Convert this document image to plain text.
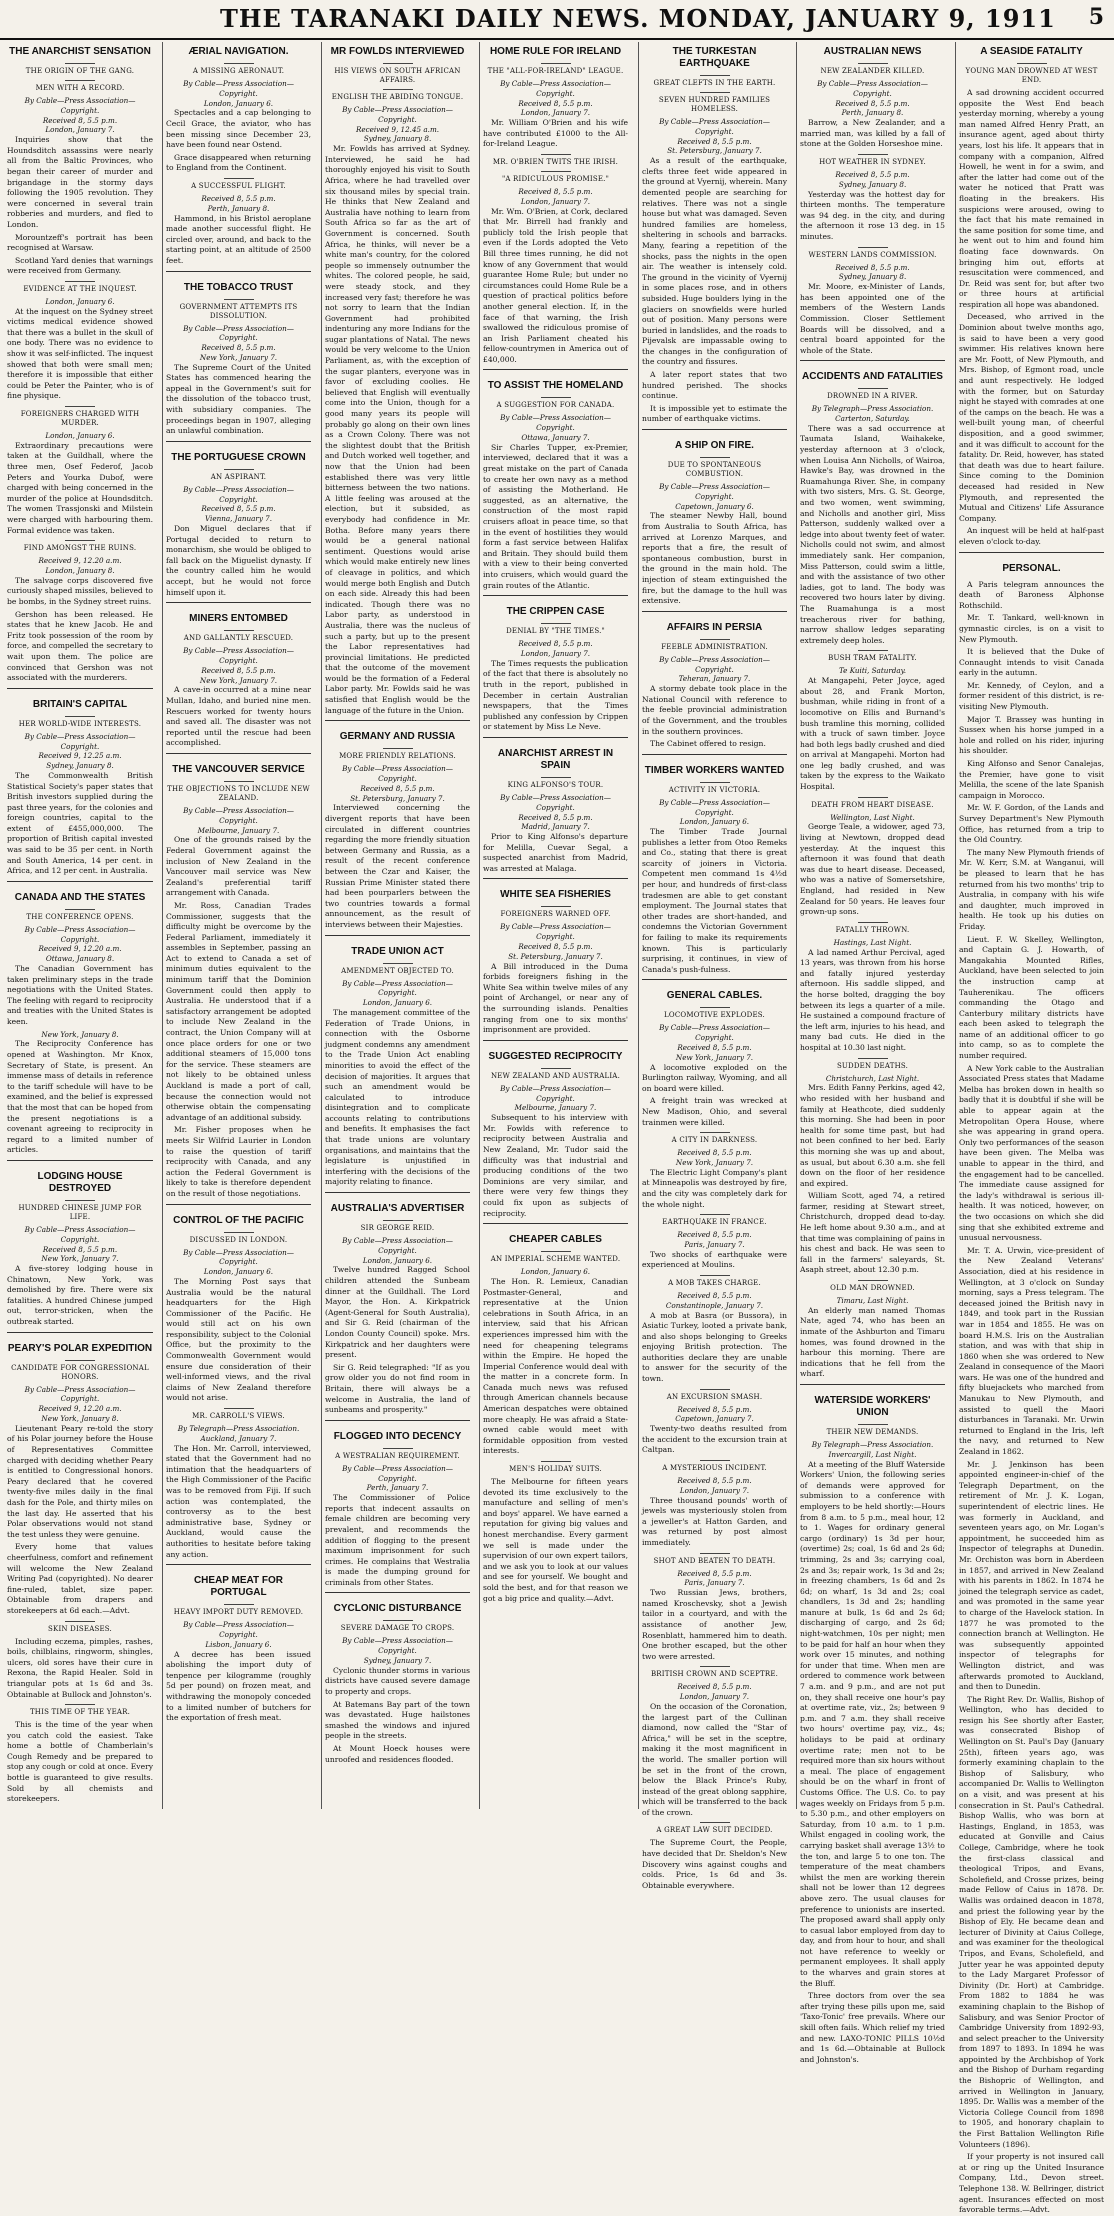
THE TARANAKI DAILY NEWS. MONDAY, JANUARY 9, 1911	5
THE ANARCHIST SENSATION
THE ORIGIN OF THE GANG.
MEN WITH A RECORD.
By Cable—Press Association—Copyright.
Received 8, 5.5 p.m.
London, January 7.

Inquiries show that the Houndsditch assassins were nearly all from the Baltic Provinces, who began their career of murder and brigandage in the stormy days following the 1905 revolution. They were concerned in several train robberies and murders, and fled to London.

Morountzeff's portrait has been recognised at Warsaw.

Scotland Yard denies that warnings were received from Germany.

EVIDENCE AT THE INQUEST.
London, January 6.

At the inquest on the Sydney street victims medical evidence showed that there was a bullet in the skull of one body. There was no evidence to show it was self-inflicted. The inquest showed that both were small men; therefore it is impossible that either could be Peter the Painter, who is of fine physique.

FOREIGNERS CHARGED WITH MURDER.
London, January 6.

Extraordinary precautions were taken at the Guildhall, where the three men, Osef Federof, Jacob Peters and Yourka Dubof, were charged with being concerned in the murder of the police at Houndsditch. The women Trassjonski and Milstein were charged with harbouring them. Formal evidence was taken.

FIND AMONGST THE RUINS.
Received 9, 12.20 a.m.
London, January 8.

The salvage corps discovered five curiously shaped missiles, believed to be bombs, in the Sydney street ruins.

Gershon has been released. He states that he knew Jacob. He and Fritz took possession of the room by force, and compelled the secretary to wait upon them. The police are convinced that Gershon was not associated with the murderers.

BRITAIN'S CAPITAL
HER WORLD-WIDE INTERESTS.
By Cable—Press Association—Copyright.
Received 9, 12.25 a.m.
Sydney, January 8.

The Commonwealth British Statistical Society's paper states that British investors supplied during the past three years, for the colonies and foreign countries, capital to the extent of £455,000,000. The proportion of British capital invested was said to be 35 per cent. in North and South America, 14 per cent. in Africa, and 12 per cent. in Australia.

CANADA AND THE STATES
THE CONFERENCE OPENS.
By Cable—Press Association—Copyright.
Received 9, 12.20 a.m.
Ottawa, January 8.

The Canadian Government has taken preliminary steps in the trade negotiations with the United States. The feeling with regard to reciprocity and treaties with the United States is keen.

New York, January 8.

The Reciprocity Conference has opened at Washington. Mr Knox, Secretary of State, is present. An immense mass of details in reference to the tariff schedule will have to be examined, and the belief is expressed that the most that can be hoped from the present negotiations is a covenant agreeing to reciprocity in regard to a limited number of articles.

LODGING HOUSE DESTROYED
HUNDRED CHINESE JUMP FOR LIFE.
By Cable—Press Association—Copyright.
Received 8, 5.5 p.m.
New York, January 7.

A five-storey lodging house in Chinatown, New York, was demolished by fire. There were six fatalities. A hundred Chinese jumped out, terror-stricken, when the outbreak started.

PEARY'S POLAR EXPEDITION
CANDIDATE FOR CONGRESSIONAL HONORS.
By Cable—Press Association—Copyright.
Received 9, 12.20 a.m.
New York, January 8.

Lieutenant Peary re-told the story of his Polar journey before the House of Representatives Committee charged with deciding whether Peary is entitled to Congressional honors. Peary declared that he covered twenty-five miles daily in the final dash for the Pole, and thirty miles on the last day. He asserted that his Polar observations would not stand the test unless they were genuine.

Every home that values cheerfulness, comfort and refinement will welcome the New Zealand Writing Pad (copyrighted). No dearer fine-ruled, tablet, size paper. Obtainable from drapers and storekeepers at 6d each.—Advt.

SKIN DISEASES.

Including eczema, pimples, rashes, boils, chilblains, ringworm, shingles, ulcers, old sores have their cure in Rexona, the Rapid Healer. Sold in triangular pots at 1s 6d and 3s. Obtainable at Bullock and Johnston's.

THIS TIME OF THE YEAR.

This is the time of the year when you catch cold the easiest. Take home a bottle of Chamberlain's Cough Remedy and be prepared to stop any cough or cold at once. Every bottle is guaranteed to give results. Sold by all chemists and storekeepers.

ÆRIAL NAVIGATION.
A MISSING AERONAUT.
By Cable—Press Association—Copyright.
London, January 6.

Spectacles and a cap belonging to Cecil Grace, the aviator, who has been missing since December 23, have been found near Ostend.

Grace disappeared when returning to England from the Continent.

A SUCCESSFUL FLIGHT.
Received 8, 5.5 p.m.
Perth, January 8.

Hammond, in his Bristol aeroplane made another successful flight. He circled over, around, and back to the starting point, at an altitude of 2500 feet.

THE TOBACCO TRUST
GOVERNMENT ATTEMPTS ITS DISSOLUTION.
By Cable—Press Association—Copyright.
Received 8, 5.5 p.m.
New York, January 7.

The Supreme Court of the United States has commenced hearing the appeal in the Government's suit for the dissolution of the tobacco trust, with subsidiary companies. The proceedings began in 1907, alleging an unlawful combination.

THE PORTUGUESE CROWN
AN ASPIRANT.
By Cable—Press Association—Copyright.
Received 8, 5.5 p.m.
Vienna, January 7.

Don Miguel declares that if Portugal decided to return to monarchism, she would be obliged to fall back on the Miguelist dynasty. If the country called him he would accept, but he would not force himself upon it.

MINERS ENTOMBED
AND GALLANTLY RESCUED.
By Cable—Press Association—Copyright.
Received 8, 5.5 p.m.
New York, January 7.

A cave-in occurred at a mine near Mullan, Idaho, and buried nine men. Rescuers worked for twenty hours and saved all. The disaster was not reported until the rescue had been accomplished.

THE VANCOUVER SERVICE
THE OBJECTIONS TO INCLUDE NEW ZEALAND.
By Cable—Press Association—Copyright.
Melbourne, January 7.

One of the grounds raised by the Federal Government against the inclusion of New Zealand in the Vancouver mail service was New Zealand's preferential tariff arrangement with Canada.

Mr. Ross, Canadian Trades Commissioner, suggests that the difficulty might be overcome by the Federal Parliament, immediately it assembles in September, passing an Act to extend to Canada a set of minimum duties equivalent to the minimum tariff that the Dominion Government could then apply to Australia. He understood that if a satisfactory arrangement be adopted to include New Zealand in the contract, the Union Company will at once place orders for one or two additional steamers of 15,000 tons for the service. These steamers are not likely to be obtained unless Auckland is made a port of call, because the connection would not otherwise obtain the compensating advantage of an additional subsidy.

Mr. Fisher proposes when he meets Sir Wilfrid Laurier in London to raise the question of tariff reciprocity with Canada, and any action the Federal Government is likely to take is therefore dependent on the result of those negotiations.

CONTROL OF THE PACIFIC
DISCUSSED IN LONDON.
By Cable—Press Association—Copyright.
London, January 6.

The Morning Post says that Australia would be the natural headquarters for the High Commissioner of the Pacific. He would still act on his own responsibility, subject to the Colonial Office, but the proximity to the Commonwealth Government would ensure due consideration of their well-informed views, and the rival claims of New Zealand therefore would not arise.

MR. CARROLL'S VIEWS.
By Telegraph—Press Association.
Auckland, January 7.

The Hon. Mr. Carroll, interviewed, stated that the Government had no intimation that the headquarters of the High Commissioner of the Pacific was to be removed from Fiji. If such action was contemplated, the controversy as to the best administrative base, Sydney or Auckland, would cause the authorities to hesitate before taking any action.

CHEAP MEAT FOR PORTUGAL
HEAVY IMPORT DUTY REMOVED.
By Cable—Press Association—Copyright.
Lisbon, January 6.

A decree has been issued abolishing the import duty of tenpence per kilogramme (roughly 5d per pound) on frozen meat, and withdrawing the monopoly conceded to a limited number of butchers for the exportation of fresh meat.

MR FOWLDS INTERVIEWED
HIS VIEWS ON SOUTH AFRICAN AFFAIRS.
ENGLISH THE ABIDING TONGUE.
By Cable—Press Association—Copyright.
Received 9, 12.45 a.m.
Sydney, January 8.

Mr. Fowlds has arrived at Sydney. Interviewed, he said he had thoroughly enjoyed his visit to South Africa, where he had travelled over six thousand miles by special train. He thinks that New Zealand and Australia have nothing to learn from South Africa so far as the art of Government is concerned. South Africa, he thinks, will never be a white man's country, for the colored people so immensely outnumber the whites. The colored people, he said, were steady stock, and they increased very fast; therefore he was not sorry to learn that the Indian Government had prohibited indenturing any more Indians for the sugar plantations of Natal. The news would be very welcome to the Union Parliament, as, with the exception of the sugar planters, everyone was in favor of excluding coolies. He believed that English will eventually come into the Union, though for a good many years its people will probably go along on their own lines as a Crown Colony. There was not the slightest doubt that the British and Dutch worked well together, and now that the Union had been established there was very little bitterness between the two nations. A little feeling was aroused at the election, but it subsided, as everybody had confidence in Mr. Botha. Before many years there would be a general national sentiment. Questions would arise which would make entirely new lines of cleavage in politics, and which would merge both English and Dutch on each side. Already this had been indicated. Though there was no Labor party, as understood in Australia, there was the nucleus of such a party, but up to the present the Labor representatives had provincial limitations. He predicted that the outcome of the movement would be the formation of a Federal Labor party. Mr. Fowlds said he was satisfied that English would be the language of the future in the Union.

GERMANY AND RUSSIA
MORE FRIENDLY RELATIONS.
By Cable—Press Association—Copyright.
Received 8, 5.5 p.m.
St. Petersburg, January 7.

Interviewed concerning the divergent reports that have been circulated in different countries regarding the more friendly situation between Germany and Russia, as a result of the recent conference between the Czar and Kaiser, the Russian Prime Minister stated there had been pourparlers between the two countries towards a formal announcement, as the result of interviews between their Majesties.

TRADE UNION ACT
AMENDMENT OBJECTED TO.
By Cable—Press Association—Copyright.
London, January 6.

The management committee of the Federation of Trade Unions, in connection with the Osborne judgment condemns any amendment to the Trade Union Act enabling minorities to avoid the effect of the decision of majorities. It argues that such an amendment would be calculated to introduce disintegration and to complicate accounts relating to contributions and benefits. It emphasises the fact that trade unions are voluntary organisations, and maintains that the legislature is unjustified in interfering with the decisions of the majority relating to finance.

AUSTRALIA'S ADVERTISER
SIR GEORGE REID.
By Cable—Press Association—Copyright.
London, January 6.

Twelve hundred Ragged School children attended the Sunbeam dinner at the Guildhall. The Lord Mayor, the Hon. A. Kirkpatrick (Agent-General for South Australia), and Sir G. Reid (chairman of the London County Council) spoke. Mrs. Kirkpatrick and her daughters were present.

Sir G. Reid telegraphed: "If as you grow older you do not find room in Britain, there will always be a welcome in Australia, the land of sunbeams and prosperity."

FLOGGED INTO DECENCY
A WESTRALIAN REQUIREMENT.
By Cable—Press Association—Copyright.
Perth, January 7.

The Commissioner of Police reports that indecent assaults on female children are becoming very prevalent, and recommends the addition of flogging to the present maximum imprisonment for such crimes. He complains that Westralia is made the dumping ground for criminals from other States.

CYCLONIC DISTURBANCE
SEVERE DAMAGE TO CROPS.
By Cable—Press Association—Copyright.
Sydney, January 7.

Cyclonic thunder storms in various districts have caused severe damage to property and crops.

At Batemans Bay part of the town was devastated. Huge hailstones smashed the windows and injured people in the streets.

At Mount Hoeck houses were unroofed and residences flooded.

HOME RULE FOR IRELAND
THE "ALL-FOR-IRELAND" LEAGUE.
By Cable—Press Association—Copyright.
Received 8, 5.5 p.m.
London, January 7.

Mr. William O'Brien and his wife have contributed £1000 to the All-for-Ireland League.

MR. O'BRIEN TWITS THE IRISH.
"A RIDICULOUS PROMISE."
Received 8, 5.5 p.m.
London, January 7.

Mr. Wm. O'Brien, at Cork, declared that Mr. Birrell had frankly and publicly told the Irish people that even if the Lords adopted the Veto Bill three times running, he did not know of any Government that would guarantee Home Rule; but under no circumstances could Home Rule be a question of practical politics before another general election. If, in the face of that warning, the Irish swallowed the ridiculous promise of an Irish Parliament cheated his fellow-countrymen in America out of £40,000.

TO ASSIST THE HOMELAND
A SUGGESTION FOR CANADA.
By Cable—Press Association—Copyright.
Ottawa, January 7.

Sir Charles Tupper, ex-Premier, interviewed, declared that it was a great mistake on the part of Canada to create her own navy as a method of assisting the Motherland. He suggested, as an alternative, the construction of the most rapid cruisers afloat in peace time, so that in the event of hostilities they would form a fast service between Halifax and Britain. They should build them with a view to their being converted into cruisers, which would guard the grain routes of the Atlantic.

THE CRIPPEN CASE
DENIAL BY "THE TIMES."
Received 8, 5.5 p.m.
London, January 7.

The Times requests the publication of the fact that there is absolutely no truth in the report, published in December in certain Australian newspapers, that the Times published any confession by Crippen or statement by Miss Le Neve.

ANARCHIST ARREST IN SPAIN
KING ALFONSO'S TOUR.
By Cable—Press Association—Copyright.
Received 8, 5.5 p.m.
Madrid, January 7.

Prior to King Alfonso's departure for Melilla, Cuevar Segal, a suspected anarchist from Madrid, was arrested at Malaga.

WHITE SEA FISHERIES
FOREIGNERS WARNED OFF.
By Cable—Press Association—Copyright.
Received 8, 5.5 p.m.
St. Petersburg, January 7.

A Bill introduced in the Duma forbids foreigners fishing in the White Sea within twelve miles of any point of Archangel, or near any of the surrounding islands. Penalties ranging from one to six months' imprisonment are provided.

SUGGESTED RECIPROCITY
NEW ZEALAND AND AUSTRALIA.
By Cable—Press Association—Copyright.
Melbourne, January 7.

Subsequent to his interview with Mr. Fowlds with reference to reciprocity between Australia and New Zealand, Mr. Tudor said the difficulty was that industrial and producing conditions of the two Dominions are very similar, and there were very few things they could fix upon as subjects of reciprocity.

CHEAPER CABLES
AN IMPERIAL SCHEME WANTED.
London, January 6.

The Hon. R. Lemieux, Canadian Postmaster-General, and representative at the Union celebrations in South Africa, in an interview, said that his African experiences impressed him with the need for cheapening telegrams within the Empire. He hoped the Imperial Conference would deal with the matter in a concrete form. In Canada much news was refused through American channels because American despatches were obtained more cheaply. He was afraid a State-owned cable would meet with formidable opposition from vested interests.

MEN'S HOLIDAY SUITS.

The Melbourne for fifteen years devoted its time exclusively to the manufacture and selling of men's and boys' apparel. We have earned a reputation for giving big values and honest merchandise. Every garment we sell is made under the supervision of our own expert tailors, and we ask you to look at our values and see for yourself. We bought and sold the best, and for that reason we got a big price and quality.—Advt.

THE TURKESTAN EARTHQUAKE
GREAT CLEFTS IN THE EARTH.
SEVEN HUNDRED FAMILIES HOMELESS.
By Cable—Press Association—Copyright.
Received 8, 5.5 p.m.
St. Petersburg, January 7.

As a result of the earthquake, clefts three feet wide appeared in the ground at Vyernij, wherein. Many demented people are searching for relatives. There was not a single house but what was damaged. Seven hundred families are homeless, sheltering in schools and barracks. Many, fearing a repetition of the shocks, pass the nights in the open air. The weather is intensely cold. The ground in the vicinity of Vyernij in some places rose, and in others subsided. Huge boulders lying in the glaciers on snowfields were hurled out of position. Many persons were buried in landslides, and the roads to Pijevalsk are impassable owing to the changes in the configuration of the country and fissures.

A later report states that two hundred perished. The shocks continue.

It is impossible yet to estimate the number of earthquake victims.

A SHIP ON FIRE.
DUE TO SPONTANEOUS COMBUSTION.
By Cable—Press Association—Copyright.
Capetown, January 6.

The steamer Newby Hall, bound from Australia to South Africa, has arrived at Lorenzo Marques, and reports that a fire, the result of spontaneous combustion, burst in the ground in the main hold. The injection of steam extinguished the fire, but the damage to the hull was extensive.

AFFAIRS IN PERSIA
FEEBLE ADMINISTRATION.
By Cable—Press Association—Copyright.
Teheran, January 7.

A stormy debate took place in the National Council with reference to the feeble provincial administration of the Government, and the troubles in the southern provinces.

The Cabinet offered to resign.

TIMBER WORKERS WANTED
ACTIVITY IN VICTORIA.
By Cable—Press Association—Copyright.
London, January 6.

The Timber Trade Journal publishes a letter from Otoo Remeks and Co., stating that there is great scarcity of joiners in Victoria. Competent men command 1s 4½d per hour, and hundreds of first-class tradesmen are able to get constant employment. The Journal states that other trades are short-handed, and condemns the Victorian Government for failing to make its requirements known. This is particularly surprising, it continues, in view of Canada's push-fulness.

GENERAL CABLES.
LOCOMOTIVE EXPLODES.
By Cable—Press Association—Copyright.
Received 8, 5.5 p.m.
New York, January 7.

A locomotive exploded on the Burlington railway, Wyoming, and all on board were killed.

A freight train was wrecked at New Madison, Ohio, and several trainmen were killed.

A CITY IN DARKNESS.
Received 8, 5.5 p.m.
New York, January 7.

The Electric Light Company's plant at Minneapolis was destroyed by fire, and the city was completely dark for the whole night.

EARTHQUAKE IN FRANCE.
Received 8, 5.5 p.m.
Paris, January 7.

Two shocks of earthquake were experienced at Moulins.

A MOB TAKES CHARGE.
Received 8, 5.5 p.m.
Constantinople, January 7.

A mob at Basra (or Bussora), in Asiatic Turkey, looted a private bank, and also shops belonging to Greeks enjoying British protection. The authorities declare they are unable to answer for the security of the town.

AN EXCURSION SMASH.
Received 8, 5.5 p.m.
Capetown, January 7.

Twenty-two deaths resulted from the accident to the excursion train at Caltpan.

A MYSTERIOUS INCIDENT.
Received 8, 5.5 p.m.
London, January 7.

Three thousand pounds' worth of jewels was mysteriously stolen from a jeweller's at Hatton Garden, and was returned by post almost immediately.

SHOT AND BEATEN TO DEATH.
Received 8, 5.5 p.m.
Paris, January 7.

Two Russian Jews, brothers, named Kroschevsky, shot a Jewish tailor in a courtyard, and with the assistance of another Jew, Rosenblatt, hammered him to death. One brother escaped, but the other two were arrested.

BRITISH CROWN AND SCEPTRE.
Received 8, 5.5 p.m.
London, January 7.

On the occasion of the Coronation, the largest part of the Cullinan diamond, now called the "Star of Africa," will be set in the sceptre, making it the most magnificent in the world. The smaller portion will be set in the front of the crown, below the Black Prince's Ruby, instead of the great oblong sapphire, which will be transferred to the back of the crown.

A GREAT LAW SUIT DECIDED.

The Supreme Court, the People, have decided that Dr. Sheldon's New Discovery wins against coughs and colds. Price, 1s 6d and 3s. Obtainable everywhere.

AUSTRALIAN NEWS
NEW ZEALANDER KILLED.
By Cable—Press Association—Copyright.
Received 8, 5.5 p.m.
Perth, January 8.

Barrow, a New Zealander, and a married man, was killed by a fall of stone at the Golden Horseshoe mine.

HOT WEATHER IN SYDNEY.
Received 8, 5.5 p.m.
Sydney, January 8.

Yesterday was the hottest day for thirteen months. The temperature was 94 deg. in the city, and during the afternoon it rose 13 deg. in 15 minutes.

WESTERN LANDS COMMISSION.
Received 8, 5.5 p.m.
Sydney, January 8.

Mr. Moore, ex-Minister of Lands, has been appointed one of the members of the Western Lands Commission. Closer Settlement Boards will be dissolved, and a central board appointed for the whole of the State.

ACCIDENTS AND FATALITIES
DROWNED IN A RIVER.
By Telegraph—Press Association.
Carterton, Saturday.

There was a sad occurrence at Taumata Island, Waihakeke, yesterday afternoon at 3 o'clock, when Louisa Ann Nicholls, of Wairoa, Hawke's Bay, was drowned in the Ruamahunga River. She, in company with two sisters, Mrs. G. St. George, and two women, went swimming, and Nicholls and another girl, Miss Patterson, suddenly walked over a ledge into about twenty feet of water. Nicholls could not swim, and almost immediately sank. Her companion, Miss Patterson, could swim a little, and with the assistance of two other ladies, got to land. The body was recovered two hours later by diving. The Ruamahunga is a most treacherous river for bathing, narrow shallow ledges separating extremely deep holes.

BUSH TRAM FATALITY.
Te Kuiti, Saturday.

At Mangapehi, Peter Joyce, aged about 28, and Frank Morton, bushman, while riding in front of a locomotive on Ellis and Burnand's bush tramline this morning, collided with a truck of sawn timber. Joyce had both legs badly crushed and died on arrival at Mangapehi. Morton had one leg badly crushed, and was taken by the express to the Waikato Hospital.

DEATH FROM HEART DISEASE.
Wellington, Last Night.

George Teale, a widower, aged 73, living at Newtown, dropped dead yesterday. At the inquest this afternoon it was found that death was due to heart disease. Deceased, who was a native of Somersetshire, England, had resided in New Zealand for 50 years. He leaves four grown-up sons.

FATALLY THROWN.
Hastings, Last Night.

A lad named Arthur Percival, aged 13 years, was thrown from his horse and fatally injured yesterday afternoon. His saddle slipped, and the horse bolted, dragging the boy between its legs a quarter of a mile. He sustained a compound fracture of the left arm, injuries to his head, and many bad cuts. He died in the hospital at 10.30 last night.

SUDDEN DEATHS.
Christchurch, Last Night.

Mrs. Edith Fanny Perkins, aged 42, who resided with her husband and family at Heathcote, died suddenly this morning. She had been in poor health for some time past, but had not been confined to her bed. Early this morning she was up and about, as usual, but about 6.30 a.m. she fell down on the floor of her residence and expired.

William Scott, aged 74, a retired farmer, residing at Stewart street, Christchurch, dropped dead to-day. He left home about 9.30 a.m., and at that time was complaining of pains in his chest and back. He was seen to fall in the farmers' saleyards, St. Asaph street, about 12.30 p.m.

OLD MAN DROWNED.
Timaru, Last Night.

An elderly man named Thomas Nate, aged 74, who has been an inmate of the Ashburton and Timaru homes, was found drowned in the harbour this morning. There are indications that he fell from the wharf.

WATERSIDE WORKERS' UNION
THEIR NEW DEMANDS.
By Telegraph—Press Association.
Invercargill, Last Night.

At a meeting of the Bluff Waterside Workers' Union, the following series of demands were approved for submission to a conference with employers to be held shortly:—Hours from 8 a.m. to 5 p.m., meal hour, 12 to 1. Wages for ordinary general cargo (ordinary) 1s 3d per hour, (overtime) 2s; coal, 1s 6d and 2s 6d; trimming, 2s and 3s; carrying coal, 2s and 3s; repair work, 1s 3d and 2s; in freezing chambers, 1s 6d and 2s 6d; on wharf, 1s 3d and 2s; coal chandlers, 1s 3d and 2s; handling manure at bulk, 1s 6d and 2s 6d; discharging of cargo, and 2s 6d; night-watchmen, 10s per night; men to be paid for half an hour when they work over 15 minutes, and nothing for under that time. When men are ordered to commence work between 7 a.m. and 9 p.m., and are not put on, they shall receive one hour's pay at overtime rate, viz., 2s; between 9 p.m. and 7 a.m. they shall receive two hours' overtime pay, viz., 4s; holidays to be paid at ordinary overtime rate; men not to be required more than six hours without a meal. The place of engagement should be on the wharf in front of Customs Office. The U.S. Co. to pay wages weekly on Fridays from 5 p.m. to 5.30 p.m., and other employers on Saturday, from 10 a.m. to 1 p.m. Whilst engaged in cooling work, the carrying basket shall average 13½ to the ton, and large 5 to one ton. The temperature of the meat chambers whilst the men are working therein shall not be lower than 12 degrees above zero. The usual clauses for preference to unionists are inserted. The proposed award shall apply only to casual labor employed from day to day, and from hour to hour, and shall not have reference to weekly or permanent employees. It shall apply to the wharves and grain stores at the Bluff.

Three doctors from over the sea after trying these pills upon me, said 'Taxo-Tonic' free prevails. Where our skill often fails. Which relief my tried and new. LAXO-TONIC PILLS 10½d and 1s 6d.—Obtainable at Bullock and Johnston's.

A SEASIDE FATALITY
YOUNG MAN DROWNED AT WEST END.

A sad drowning accident occurred opposite the West End beach yesterday morning, whereby a young man named Alfred Henry Pratt, an insurance agent, aged about thirty years, lost his life. It appears that in company with a companion, Alfred Howell, he went in for a swim, and after the latter had come out of the water he noticed that Pratt was floating in the breakers. His suspicions were aroused, owing to the fact that his mate remained in the same position for some time, and he went out to him and found him floating face downwards. On bringing him out, efforts at resuscitation were commenced, and Dr. Reid was sent for, but after two or three hours at artificial respiration all hope was abandoned.

Deceased, who arrived in the Dominion about twelve months ago, is said to have been a very good swimmer. His relatives known here are Mr. Foott, of New Plymouth, and Mrs. Bishop, of Egmont road, uncle and aunt respectively. He lodged with the former, but on Saturday night he stayed with comrades at one of the camps on the beach. He was a well-built young man, of cheerful disposition, and a good swimmer, and it was difficult to account for the fatality. Dr. Reid, however, has stated that death was due to heart failure. Since coming to the Dominion deceased had resided in New Plymouth, and represented the Mutual and Citizens' Life Assurance Company.

An inquest will be held at half-past eleven o'clock to-day.

PERSONAL.

A Paris telegram announces the death of Baroness Alphonse Rothschild.

Mr. T. Tankard, well-known in gymnastic circles, is on a visit to New Plymouth.

It is believed that the Duke of Connaught intends to visit Canada early in the autumn.

Mr. Kennedy, of Ceylon, and a former resident of this district, is re-visiting New Plymouth.

Major T. Brassey was hunting in Sussex when his horse jumped in a hole and rolled on his rider, injuring his shoulder.

King Alfonso and Senor Canalejas, the Premier, have gone to visit Melilla, the scene of the late Spanish campaign in Morocco.

Mr. W. F. Gordon, of the Lands and Survey Department's New Plymouth Office, has returned from a trip to the Old Country.

The many New Plymouth friends of Mr. W. Kerr, S.M. at Wanganui, will be pleased to learn that he has returned from his two months' trip to Australia, in company with his wife and daughter, much improved in health. He took up his duties on Friday.

Lieut. F. W. Skelley, Wellington, and Captain G. J. Howarth, of Mangakahia Mounted Rifles, Auckland, have been selected to join the instruction camp at Tauherenikau. The officers commanding the Otago and Canterbury military districts have each been asked to telegraph the name of an additional officer to go into camp, so as to complete the number required.

A New York cable to the Australian Associated Press states that Madame Melba has broken down in health so badly that it is doubtful if she will be able to appear again at the Metropolitan Opera House, where she was appearing in grand opera. Only two performances of the season have been given. The Melba was unable to appear in the third, and the engagement had to be cancelled. The immediate cause assigned for the lady's withdrawal is serious ill-health. It was noticed, however, on the two occasions on which she did sing that she exhibited extreme and unusual nervousness.

Mr. T. A. Urwin, vice-president of the New Zealand Veterans' Association, died at his residence in Wellington, at 3 o'clock on Sunday morning, says a Press telegram. The deceased joined the British navy in 1849, and took part in the Russian war in 1854 and 1855. He was on board H.M.S. Iris on the Australian station, and was with that ship in 1860 when she was ordered to New Zealand in consequence of the Maori wars. He was one of the hundred and fifty bluejackets who marched from Manukau to New Plymouth, and assisted to quell the Maori disturbances in Taranaki. Mr. Urwin returned to England in the Iris, left the navy, and returned to New Zealand in 1862.

Mr. J. Jenkinson has been appointed engineer-in-chief of the Telegraph Department, on the retirement of Mr. J. K. Logan, superintendent of electric lines. He was formerly in Auckland, and seventeen years ago, on Mr. Logan's appointment, he succeeded him as Inspector of telegraphs at Dunedin. Mr. Orchiston was born in Aberdeen in 1857, and arrived in New Zealand with his parents in 1862. In 1874 he joined the telegraph service as cadet, and was promoted in the same year to charge of the Havelock station. In 1877 he was promoted to the connection branch at Wellington. He was subsequently appointed inspector of telegraphs for Wellington district, and was afterwards promoted to Auckland, and then to Dunedin.

The Right Rev. Dr. Wallis, Bishop of Wellington, who has decided to resign his See shortly after Easter, was consecrated Bishop of Wellington on St. Paul's Day (January 25th), fifteen years ago, was formerly examining chaplain to the Bishop of Salisbury, who accompanied Dr. Wallis to Wellington on a visit, and was present at his consecration in St. Paul's Cathedral. Bishop Wallis, who was born at Hastings, England, in 1853, was educated at Gonville and Caius College, Cambridge, where he took the first-class classical and theological Tripos, and Evans, Scholefield, and Crosse prizes, being made Fellow of Caius in 1878. Dr. Wallis was ordained deacon in 1878, and priest the following year by the Bishop of Ely. He became dean and lecturer of Divinity at Caius College, and was examiner for the theological Tripos, and Evans, Scholefield, and Jutter year he was appointed deputy to the Lady Margaret Professor of Divinity (Dr. Hort) at Cambridge. From 1882 to 1884 he was examining chaplain to the Bishop of Salisbury, and was Senior Proctor of Cambridge University from 1892-93, and select preacher to the University from 1897 to 1893. In 1894 he was appointed by the Archbishop of York and the Bishop of Durham regarding the Bishopric of Wellington, and arrived in Wellington in January, 1895. Dr. Wallis was a member of the Victoria College Council from 1898 to 1905, and honorary chaplain to the First Battalion Wellington Rifle Volunteers (1896).

If your property is not insured call at or ring up the United Insurance Company, Ltd., Devon street. Telephone 138. W. Bellringer, district agent. Insurances effected on most favorable terms.—Advt.
